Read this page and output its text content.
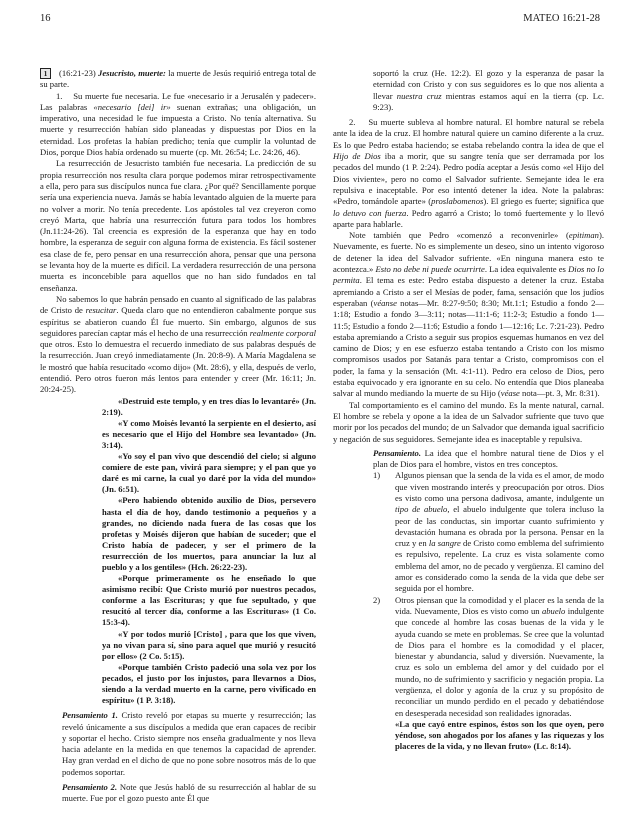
16	MATEO 16:21-28

1 (16:21-23) Jesucristo, muerte: la muerte de Jesús requirió entrega total de su parte.

1. Su muerte fue necesaria. Le fue «necesario ir a Jerusalén y padecer». Las palabras «necesario [dei] ir» suenan extrañas; una obligación, un imperativo, una necesidad le fue impuesta a Cristo. No tenía alternativa. Su muerte y resurrección habían sido planeadas y dispuestas por Dios en la eternidad. Los profetas la habían predicho; tenía que cumplir la voluntad de Dios, porque Dios había ordenado su muerte (cp. Mt. 26:54; Lc. 24:26, 46).

La resurrección de Jesucristo también fue necesaria. La predicción de su propia resurrección nos resulta clara porque podemos mirar retrospectivamente a ella, pero para sus discípulos nunca fue clara. ¿Por qué? Sencillamente porque sería una experiencia nueva. Jamás se había levantado alguien de la muerte para no volver a morir. No tenía precedente. Los apóstoles tal vez creyeron como creyó Marta, que habría una resurrección futura para todos los hombres (Jn.11:24-26). Tal creencia es expresión de la esperanza que hay en todo hombre, la esperanza de seguir con alguna forma de existencia. Es fácil sostener esa clase de fe, pero pensar en una resurrección ahora, pensar que una persona se levanta hoy de la muerte es difícil. La verdadera resurrección de una persona muerta es inconcebible para aquellos que no han sido fundados en tal enseñanza.

No sabemos lo que habrán pensado en cuanto al significado de las palabras de Cristo de resucitar. Queda claro que no entendieron cabalmente porque sus espíritus se abatieron cuando Él fue muerto. Sin embargo, algunos de sus seguidores parecían captar más el hecho de una resurrección realmente corporal que otros. Esto lo demuestra el recuerdo inmediato de sus palabras después de la resurrección. Juan creyó inmediatamente (Jn. 20:8-9). A María Magdalena se le mostró que había resucitado «como dijo» (Mt. 28:6), y ella, después de verlo, entendió. Pero otros fueron más lentos para entender y creer (Mr. 16:11; Jn. 20:24-25).

«Destruid este templo, y en tres días lo levantaré» (Jn. 2:19).

«Y como Moisés levantó la serpiente en el desierto, así es necesario que el Hijo del Hombre sea levantado» (Jn. 3:14).

«Yo soy el pan vivo que descendió del cielo; si alguno comiere de este pan, vivirá para siempre; y el pan que yo daré es mi carne, la cual yo daré por la vida del mundo» (Jn. 6:51).

«Pero habiendo obtenido auxilio de Dios, persevero hasta el día de hoy, dando testimonio a pequeños y a grandes, no diciendo nada fuera de las cosas que los profetas y Moisés dijeron que habían de suceder; que el Cristo había de padecer, y ser el primero de la resurrección de los muertos, para anunciar la luz al pueblo y a los gentiles» (Hch. 26:22-23).

«Porque primeramente os he enseñado lo que asimismo recibí: Que Cristo murió por nuestros pecados, conforme a las Escrituras; y que fue sepultado, y que resucitó al tercer día, conforme a las Escrituras» (1 Co. 15:3-4).

«Y por todos murió [Cristo] , para que los que viven, ya no vivan para sí, sino para aquel que murió y resucitó por ellos» (2 Co. 5:15).

«Porque también Cristo padeció una sola vez por los pecados, el justo por los injustos, para llevarnos a Dios, siendo a la verdad muerto en la carne, pero vivificado en espíritu» (1 P. 3:18).

Pensamiento 1. Cristo reveló por etapas su muerte y resurrección; las reveló únicamente a sus discípulos a medida que eran capaces de recibir y soportar el hecho. Cristo siempre nos enseña gradualmente y nos lleva hacia adelante en la medida en que tenemos la capacidad de aprender. Hay gran verdad en el dicho de que no pone sobre nosotros más de lo que podemos soportar.

Pensamiento 2. Note que Jesús habló de su resurrección al hablar de su muerte. Fue por el gozo puesto ante Él que

soportó la cruz (He. 12:2). El gozo y la esperanza de pasar la eternidad con Cristo y con sus seguidores es lo que nos alienta a llevar nuestra cruz mientras estamos aquí en la tierra (cp. Lc. 9:23).

2. Su muerte subleva al hombre natural. El hombre natural se rebela ante la idea de la cruz. El hombre natural quiere un camino diferente a la cruz. Es lo que Pedro estaba haciendo; se estaba rebelando contra la idea de que el Hijo de Dios iba a morir, que su sangre tenía que ser derramada por los pecados del mundo (1 P. 2:24). Pedro podía aceptar a Jesús como «el Hijo del Dios viviente», pero no como el Salvador sufriente. Semejante idea le era repulsiva e inaceptable. Por eso intentó detener la idea. Note la palabras: «Pedro, tomándole aparte» (proslabomenos). El griego es fuerte; significa que lo detuvo con fuerza. Pedro agarró a Cristo; lo tomó fuertemente y lo llevó aparte para hablarle.

Note también que Pedro «comenzó a reconvenirle» (epitiman). Nuevamente, es fuerte. No es simplemente un deseo, sino un intento vigoroso de detener la idea del Salvador sufriente. «En ninguna manera esto te acontezca.» Esto no debe ni puede ocurrirte. La idea equivalente es Dios no lo permita. El tema es este: Pedro estaba dispuesto a detener la cruz. Estaba apremiando a Cristo a ser el Mesías de poder, fama, sensación que los judíos esperaban (véanse notas—Mr. 8:27-9:50; 8:30; Mt.1:1; Estudio a fondo 2—1:18; Estudio a fondo 3—3:11; notas—11:1-6; 11:2-3; Estudio a fondo 1—11:5; Estudio a fondo 2—11:6; Estudio a fondo 1—12:16; Lc. 7:21-23). Pedro estaba apremiando a Cristo a seguir sus propios esquemas humanos en vez del camino de Dios; y en ese esfuerzo estaba tentando a Cristo con los mismo compromisos usados por Satanás para tentar a Cristo, compromisos con el poder, la fama y la sensación (Mt. 4:1-11). Pedro era celoso de Dios, pero estaba equivocado y era ignorante en su celo. No entendía que Dios planeaba salvar al mundo mediando la muerte de su Hijo (véase nota—pt. 3, Mr. 8:31).

Tal comportamiento es el camino del mundo. Es la mente natural, carnal. El hombre se rebela y opone a la idea de un Salvador sufriente que tuvo que morir por los pecados del mundo; de un Salvador que demanda igual sacrificio y negación de sus seguidores. Semejante idea es inaceptable y repulsiva.

Pensamiento. La idea que el hombre natural tiene de Dios y el plan de Dios para el hombre, vistos en tres conceptos.

1)	Algunos piensan que la senda de la vida es el amor, de modo que viven mostrando interés y preocupación por otros. Dios es visto como una persona dadivosa, amante, indulgente un tipo de abuelo, el abuelo indulgente que tolera incluso la peor de las conductas, sin importar cuanto sufrimiento y devastación humana es obrada por la persona. Pensar en la cruz y en la sangre de Cristo como emblema del sufrimiento es repulsivo, repelente. La cruz es vista solamente como emblema del amor, no de pecado y vergüenza. El camino del amor es considerado como la senda de la vida que debe ser seguida por el hombre.
2)	Otros piensan que la comodidad y el placer es la senda de la vida. Nuevamente, Dios es visto como un abuelo indulgente que concede al hombre las cosas buenas de la vida y le ayuda cuando se mete en problemas. Se cree que la voluntad de Dios para el hombre es la comodidad y el placer, bienestar y abundancia, salud y diversión. Nuevamente, la cruz es solo un emblema del amor y del cuidado por el mundo, no de sufrimiento y sacrificio y negación propia. La vergüenza, el dolor y agonía de la cruz y su propósito de reconciliar un mundo perdido en el pecado y debatiéndose en desesperada necesidad son realidades ignoradas.

«La que cayó entre espinos, éstos son los que oyen, pero yéndose, son ahogados por los afanes y las riquezas y los placeres de la vida, y no llevan fruto» (Lc. 8:14).
